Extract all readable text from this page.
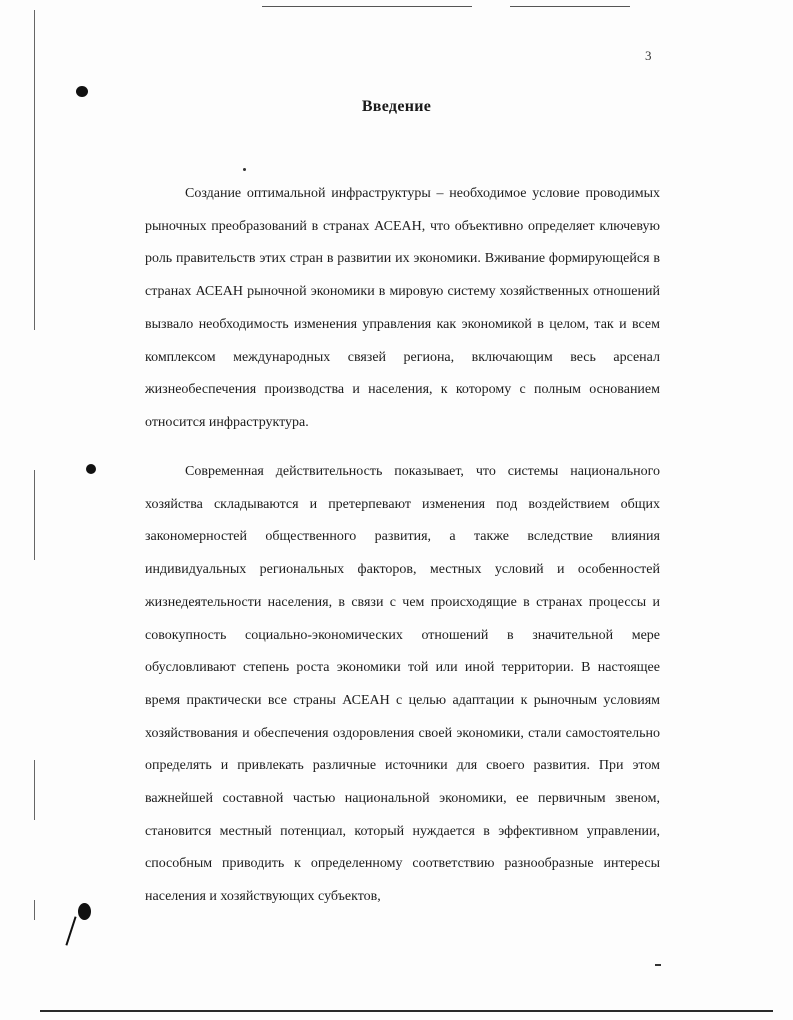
3
Введение

Создание оптимальной инфраструктуры – необходимое условие проводимых рыночных преобразований в странах АСЕАН, что объективно определяет ключевую роль правительств этих стран в развитии их экономики. Вживание формирующейся в странах АСЕАН рыночной экономики в мировую систему хозяйственных отношений вызвало необходимость изменения управления как экономикой в целом, так и всем комплексом международных связей региона, включающим весь арсенал жизнеобеспечения производства и населения, к которому с полным основанием относится инфраструктура.

Современная действительность показывает, что системы национального хозяйства складываются и претерпевают изменения под воздействием общих закономерностей общественного развития, а также вследствие влияния индивидуальных региональных факторов, местных условий и особенностей жизнедеятельности населения, в связи с чем происходящие в странах процессы и совокупность социально-экономических отношений в значительной мере обусловливают степень роста экономики той или иной территории. В настоящее время практически все страны АСЕАН с целью адаптации к рыночным условиям хозяйствования и обеспечения оздоровления своей экономики, стали самостоятельно определять и привлекать различные источники для своего развития. При этом важнейшей составной частью национальной экономики, ее первичным звеном, становится местный потенциал, который нуждается в эффективном управлении, способным приводить к определенному соответствию разнообразные интересы населения и хозяйствующих субъектов,
